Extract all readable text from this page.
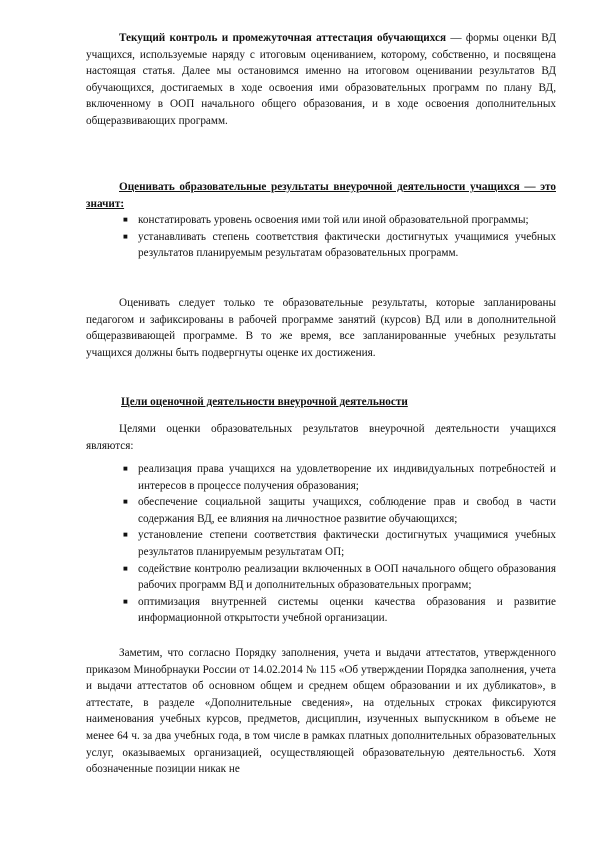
Текущий контроль и промежуточная аттестация обучающихся — формы оценки ВД учащихся, используемые наряду с итоговым оцениванием, которому, собственно, и посвящена настоящая статья. Далее мы остановимся именно на итоговом оценивании результатов ВД обучающихся, достигаемых в ходе освоения ими образовательных программ по плану ВД, включенному в ООП начального общего образования, и в ходе освоения дополнительных общеразвивающих программ.

Оценивать образовательные результаты внеурочной деятельности учащихся — это значит:

■ констатировать уровень освоения ими той или иной образовательной программы;
■ устанавливать степень соответствия фактически достигнутых учащимися учебных результатов планируемым результатам образовательных программ.

Оценивать следует только те образовательные результаты, которые запланированы педагогом и зафиксированы в рабочей программе занятий (курсов) ВД или в дополнительной общеразвивающей программе. В то же время, все запланированные учебных результаты учащихся должны быть подвергнуты оценке их достижения.

Цели оценочной деятельности внеурочной деятельности

Целями оценки образовательных результатов внеурочной деятельности учащихся являются:

■ реализация права учащихся на удовлетворение их индивидуальных потребностей и интересов в процессе получения образования;
■ обеспечение социальной защиты учащихся, соблюдение прав и свобод в части содержания ВД, ее влияния на личностное развитие обучающихся;
■ установление степени соответствия фактически достигнутых учащимися учебных результатов планируемым результатам ОП;
■ содействие контролю реализации включенных в ООП начального общего образования рабочих программ ВД и дополнительных образовательных программ;
■ оптимизация внутренней системы оценки качества образования и развитие информационной открытости учебной организации.

Заметим, что согласно Порядку заполнения, учета и выдачи аттестатов, утвержденного приказом Минобрнауки России от 14.02.2014 № 115 «Об утверждении Порядка заполнения, учета и выдачи аттестатов об основном общем и среднем общем образовании и их дубликатов», в аттестате, в разделе «Дополнительные сведения», на отдельных строках фиксируются наименования учебных курсов, предметов, дисциплин, изученных выпускником в объеме не менее 64 ч. за два учебных года, в том числе в рамках платных дополнительных образовательных услуг, оказываемых организацией, осуществляющей образовательную деятельность6. Хотя обозначенные позиции никак не
